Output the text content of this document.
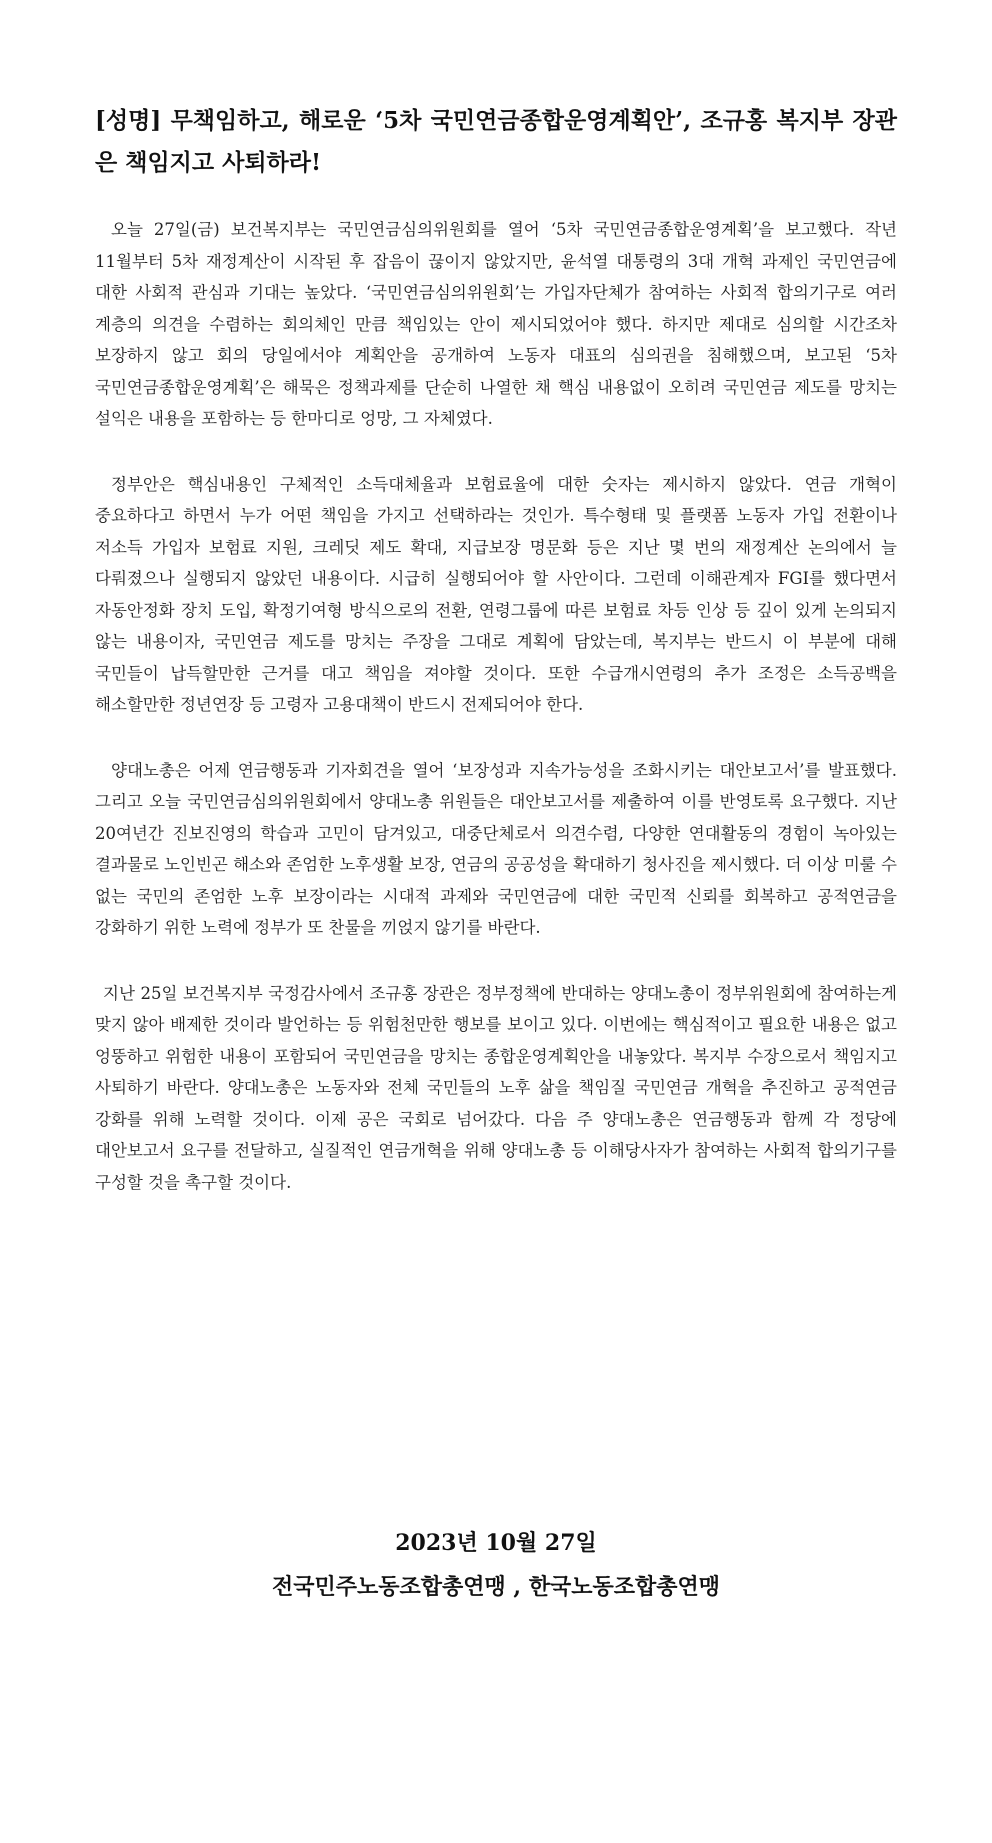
[성명] 무책임하고, 해로운 ‘5차 국민연금종합운영계획안’, 조규홍 복지부 장관은 책임지고 사퇴하라!

오늘 27일(금) 보건복지부는 국민연금심의위원회를 열어 ‘5차 국민연금종합운영계획’을 보고했다. 작년 11월부터 5차 재정계산이 시작된 후 잡음이 끊이지 않았지만, 윤석열 대통령의 3대 개혁 과제인 국민연금에 대한 사회적 관심과 기대는 높았다. ‘국민연금심의위원회’는 가입자단체가 참여하는 사회적 합의기구로 여러 계층의 의견을 수렴하는 회의체인 만큼 책임있는 안이 제시되었어야 했다. 하지만 제대로 심의할 시간조차 보장하지 않고 회의 당일에서야 계획안을 공개하여 노동자 대표의 심의권을 침해했으며, 보고된 ‘5차 국민연금종합운영계획’은 해묵은 정책과제를 단순히 나열한 채 핵심 내용없이 오히려 국민연금 제도를 망치는 설익은 내용을 포함하는 등 한마디로 엉망, 그 자체였다.

정부안은 핵심내용인 구체적인 소득대체율과 보험료율에 대한 숫자는 제시하지 않았다. 연금 개혁이 중요하다고 하면서 누가 어떤 책임을 가지고 선택하라는 것인가. 특수형태 및 플랫폼 노동자 가입 전환이나 저소득 가입자 보험료 지원, 크레딧 제도 확대, 지급보장 명문화 등은 지난 몇 번의 재정계산 논의에서 늘 다뤄졌으나 실행되지 않았던 내용이다. 시급히 실행되어야 할 사안이다. 그런데 이해관계자 FGI를 했다면서 자동안정화 장치 도입, 확정기여형 방식으로의 전환, 연령그룹에 따른 보험료 차등 인상 등 깊이 있게 논의되지 않는 내용이자, 국민연금 제도를 망치는 주장을 그대로 계획에 담았는데, 복지부는 반드시 이 부분에 대해 국민들이 납득할만한 근거를 대고 책임을 져야할 것이다. 또한 수급개시연령의 추가 조정은 소득공백을 해소할만한 정년연장 등 고령자 고용대책이 반드시 전제되어야 한다.

양대노총은 어제 연금행동과 기자회견을 열어 ‘보장성과 지속가능성을 조화시키는 대안보고서’를 발표했다. 그리고 오늘 국민연금심의위원회에서 양대노총 위원들은 대안보고서를 제출하여 이를 반영토록 요구했다. 지난 20여년간 진보진영의 학습과 고민이 담겨있고, 대중단체로서 의견수렴, 다양한 연대활동의 경험이 녹아있는 결과물로 노인빈곤 해소와 존엄한 노후생활 보장, 연금의 공공성을 확대하기 청사진을 제시했다. 더 이상 미룰 수 없는 국민의 존엄한 노후 보장이라는 시대적 과제와 국민연금에 대한 국민적 신뢰를 회복하고 공적연금을 강화하기 위한 노력에 정부가 또 찬물을 끼얹지 않기를 바란다.

지난 25일 보건복지부 국정감사에서 조규홍 장관은 정부정책에 반대하는 양대노총이 정부위원회에 참여하는게 맞지 않아 배제한 것이라 발언하는 등 위험천만한 행보를 보이고 있다. 이번에는 핵심적이고 필요한 내용은 없고 엉뚱하고 위험한 내용이 포함되어 국민연금을 망치는 종합운영계획안을 내놓았다. 복지부 수장으로서 책임지고 사퇴하기 바란다. 양대노총은 노동자와 전체 국민들의 노후 삶을 책임질 국민연금 개혁을 추진하고 공적연금 강화를 위해 노력할 것이다. 이제 공은 국회로 넘어갔다. 다음 주 양대노총은 연금행동과 함께 각 정당에 대안보고서 요구를 전달하고, 실질적인 연금개혁을 위해 양대노총 등 이해당사자가 참여하는 사회적 합의기구를 구성할 것을 촉구할 것이다.

2023년 10월 27일

전국민주노동조합총연맹 , 한국노동조합총연맹
